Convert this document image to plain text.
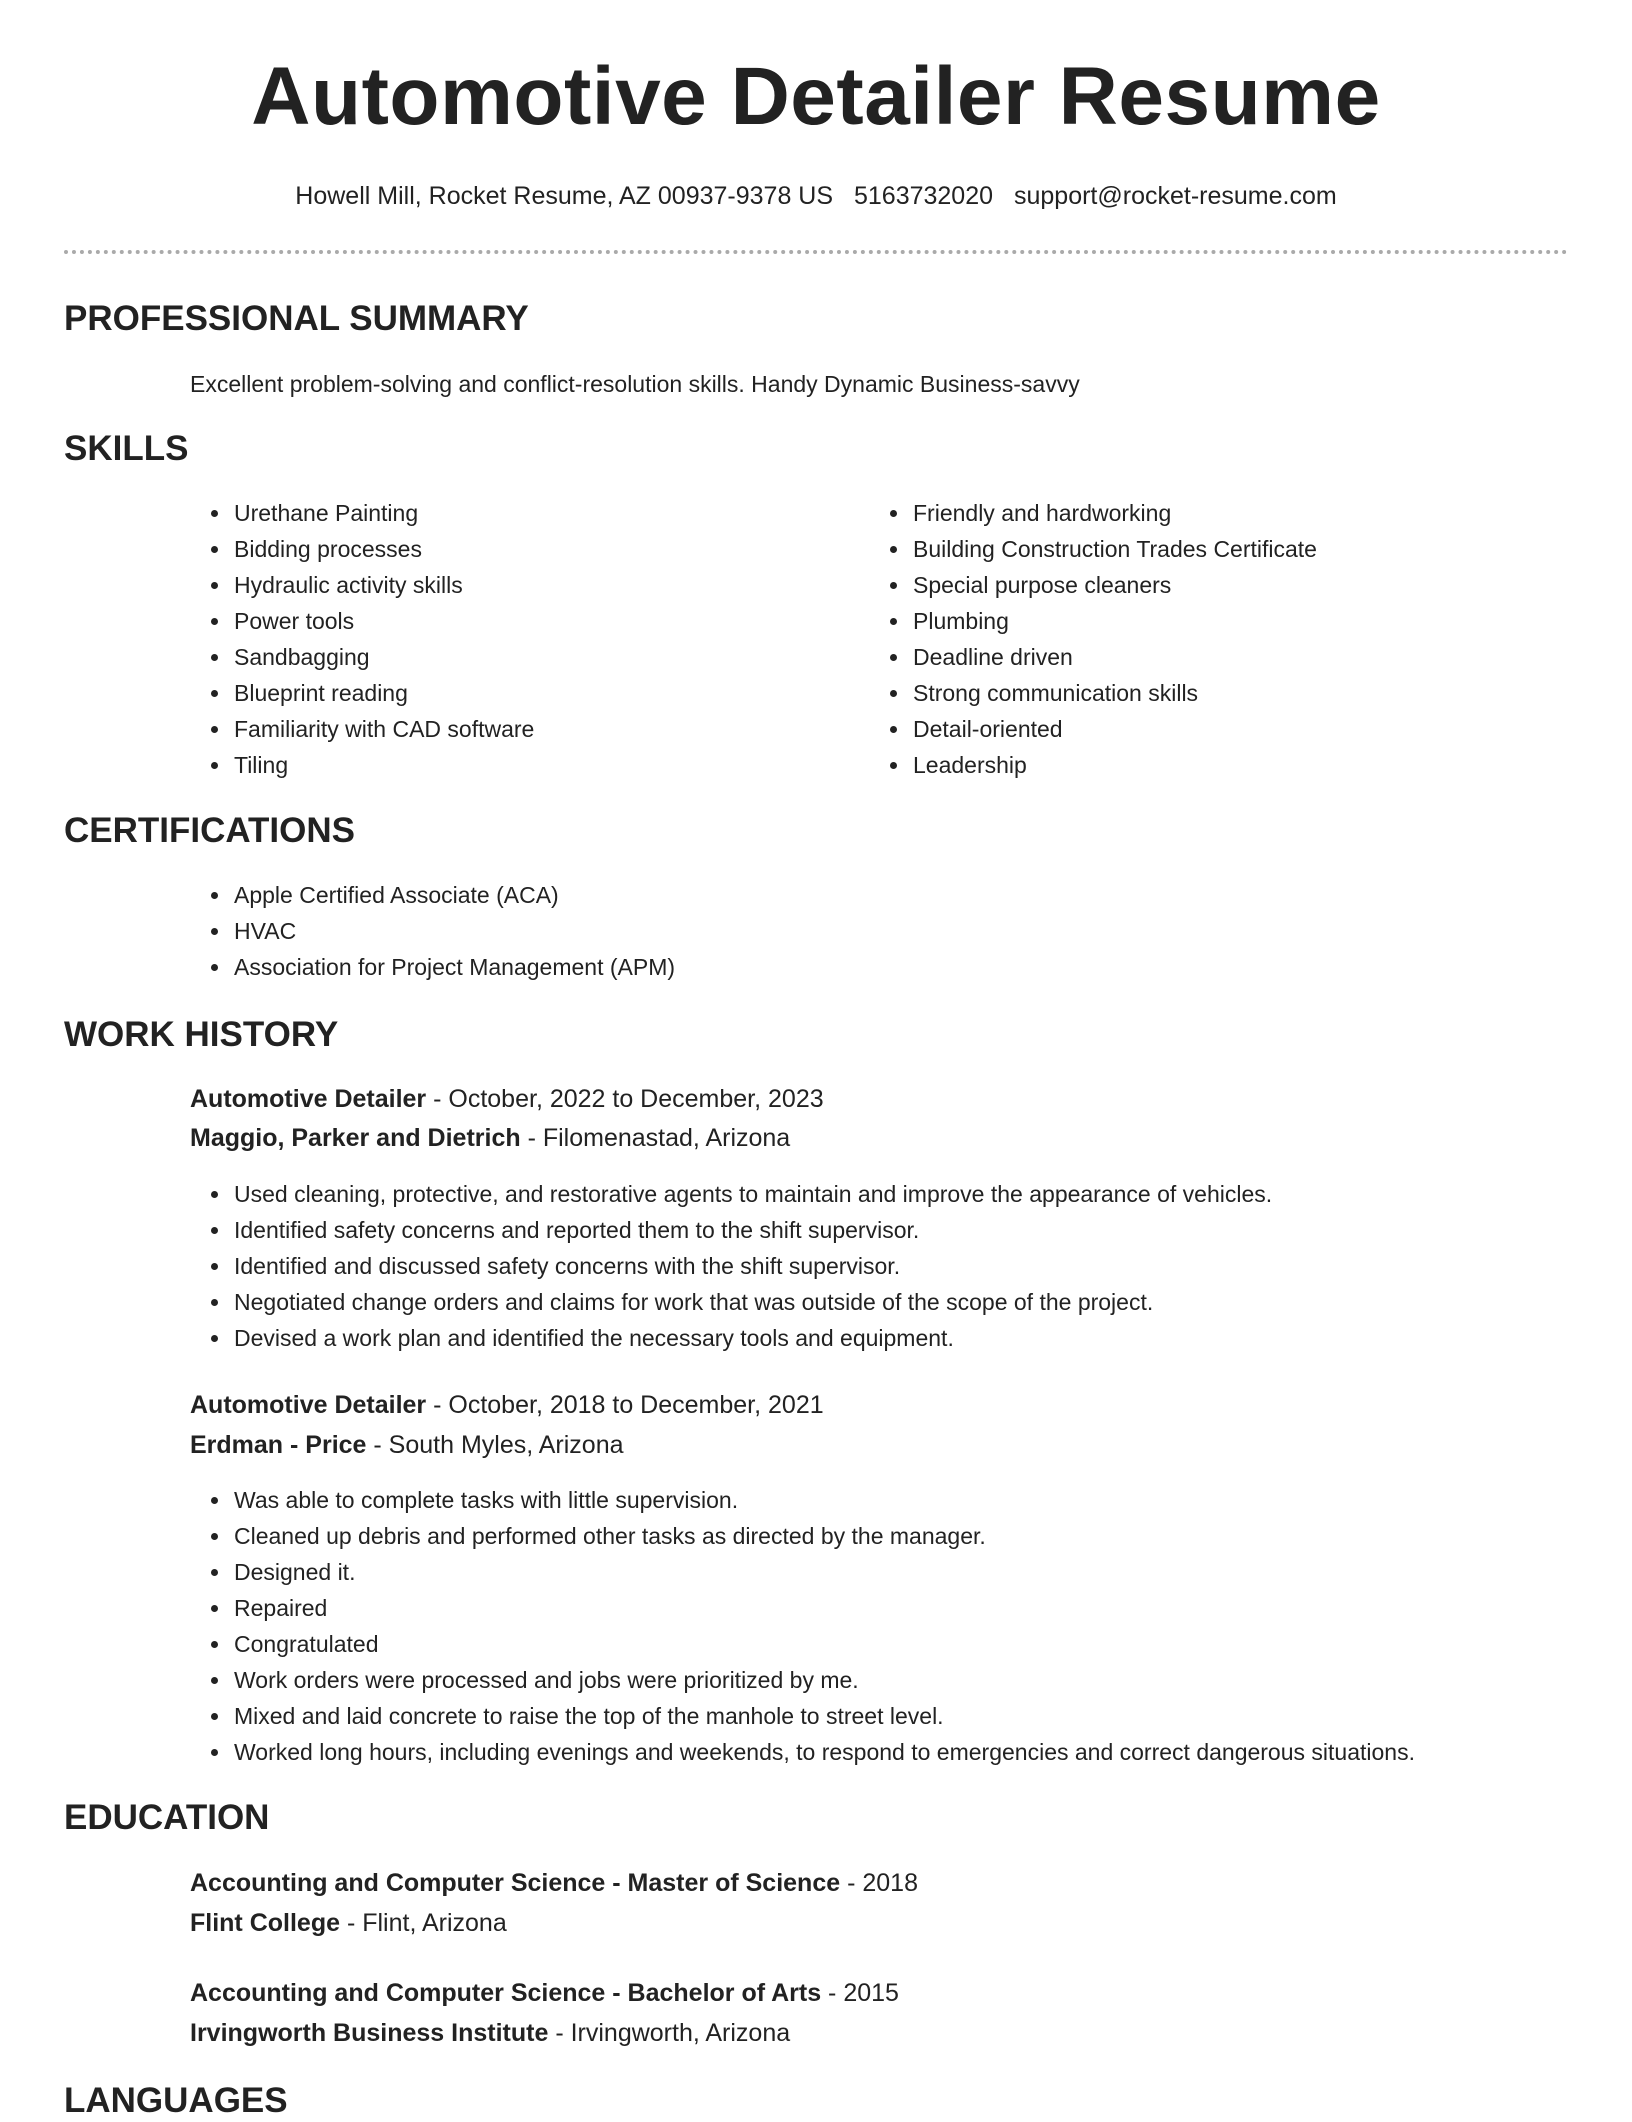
Automotive Detailer Resume
Howell Mill, Rocket Resume, AZ 00937-9378 US 5163732020 support@rocket-resume.com
PROFESSIONAL SUMMARY
Excellent problem-solving and conflict-resolution skills. Handy Dynamic Business-savvy
SKILLS
• Urethane Painting
• Bidding processes
• Hydraulic activity skills
• Power tools
• Sandbagging
• Blueprint reading
• Familiarity with CAD software
• Tiling
• Friendly and hardworking
• Building Construction Trades Certificate
• Special purpose cleaners
• Plumbing
• Deadline driven
• Strong communication skills
• Detail-oriented
• Leadership
CERTIFICATIONS
• Apple Certified Associate (ACA)
• HVAC
• Association for Project Management (APM)
WORK HISTORY
Automotive Detailer - October, 2022 to December, 2023
Maggio, Parker and Dietrich - Filomenastad, Arizona
• Used cleaning, protective, and restorative agents to maintain and improve the appearance of vehicles.
• Identified safety concerns and reported them to the shift supervisor.
• Identified and discussed safety concerns with the shift supervisor.
• Negotiated change orders and claims for work that was outside of the scope of the project.
• Devised a work plan and identified the necessary tools and equipment.
Automotive Detailer - October, 2018 to December, 2021
Erdman - Price - South Myles, Arizona
• Was able to complete tasks with little supervision.
• Cleaned up debris and performed other tasks as directed by the manager.
• Designed it.
• Repaired
• Congratulated
• Work orders were processed and jobs were prioritized by me.
• Mixed and laid concrete to raise the top of the manhole to street level.
• Worked long hours, including evenings and weekends, to respond to emergencies and correct dangerous situations.
EDUCATION
Accounting and Computer Science - Master of Science - 2018
Flint College - Flint, Arizona
Accounting and Computer Science - Bachelor of Arts - 2015
Irvingworth Business Institute - Irvingworth, Arizona
LANGUAGES
